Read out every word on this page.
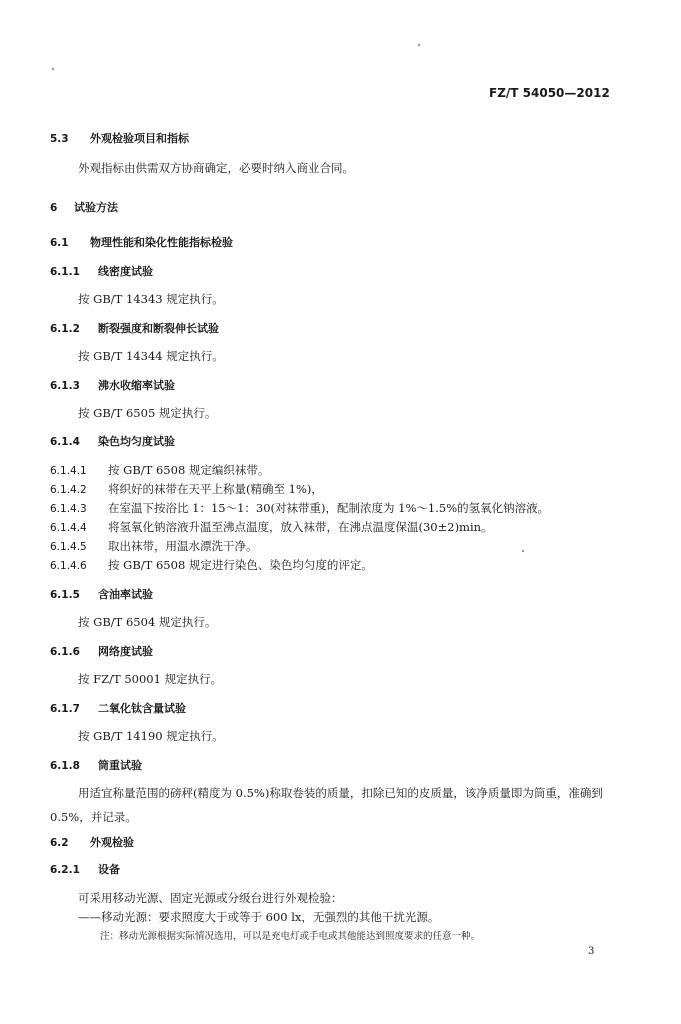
FZ/T 54050—2012
5.3 外观检验项目和指标
外观指标由供需双方协商确定，必要时纳入商业合同。
6 试验方法
6.1 物理性能和染化性能指标检验
6.1.1 线密度试验
按 GB/T 14343 规定执行。
6.1.2 断裂强度和断裂伸长试验
按 GB/T 14344 规定执行。
6.1.3 沸水收缩率试验
按 GB/T 6505 规定执行。
6.1.4 染色均匀度试验
6.1.4.1 按 GB/T 6508 规定编织袜带。
6.1.4.2 将织好的袜带在天平上称量(精确至 1%)，
6.1.4.3 在室温下按浴比 1：15～1：30(对袜带重)，配制浓度为 1%～1.5%的氢氧化钠溶液。
6.1.4.4 将氢氧化钠溶液升温至沸点温度，放入袜带，在沸点温度保温(30±2)min。
6.1.4.5 取出袜带，用温水漂洗干净。
6.1.4.6 按 GB/T 6508 规定进行染色、染色均匀度的评定。
6.1.5 含油率试验
按 GB/T 6504 规定执行。
6.1.6 网络度试验
按 FZ/T 50001 规定执行。
6.1.7 二氧化钛含量试验
按 GB/T 14190 规定执行。
6.1.8 筒重试验
用适宜称量范围的磅秤(精度为 0.5%)称取卷装的质量，扣除已知的皮质量，该净质量即为筒重，准确到 0.5%，并记录。
6.2 外观检验
6.2.1 设备
可采用移动光源、固定光源或分级台进行外观检验：
——移动光源：要求照度大于或等于 600 lx，无强烈的其他干扰光源。
注：移动光源根据实际情况选用，可以是充电灯或手电或其他能达到照度要求的任意一种。
3
